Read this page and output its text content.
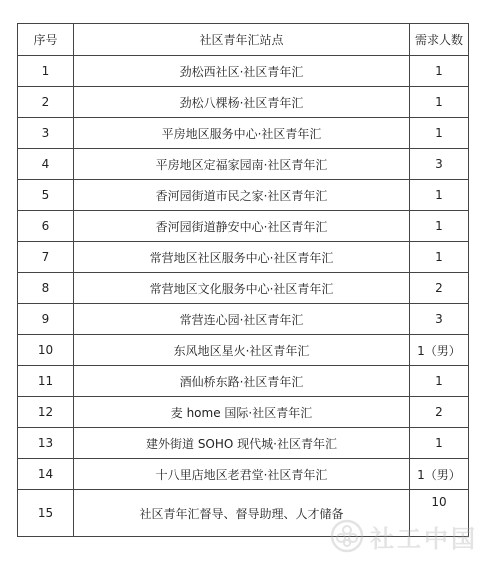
序号	社区青年汇站点	需求人数
1	劲松西社区·社区青年汇	1
2	劲松八棵杨·社区青年汇	1
3	平房地区服务中心·社区青年汇	1
4	平房地区定福家园南·社区青年汇	3
5	香河园街道市民之家·社区青年汇	1
6	香河园街道静安中心·社区青年汇	1
7	常营地区社区服务中心·社区青年汇	1
8	常营地区文化服务中心·社区青年汇	2
9	常营连心园·社区青年汇	3
10	东风地区星火·社区青年汇	1（男）
11	酒仙桥东路·社区青年汇	1
12	麦 home 国际·社区青年汇	2
13	建外街道 SOHO 现代城·社区青年汇	1
14	十八里店地区老君堂·社区青年汇	1（男）
15	社区青年汇督导、督导助理、人才储备	10
社工中国
